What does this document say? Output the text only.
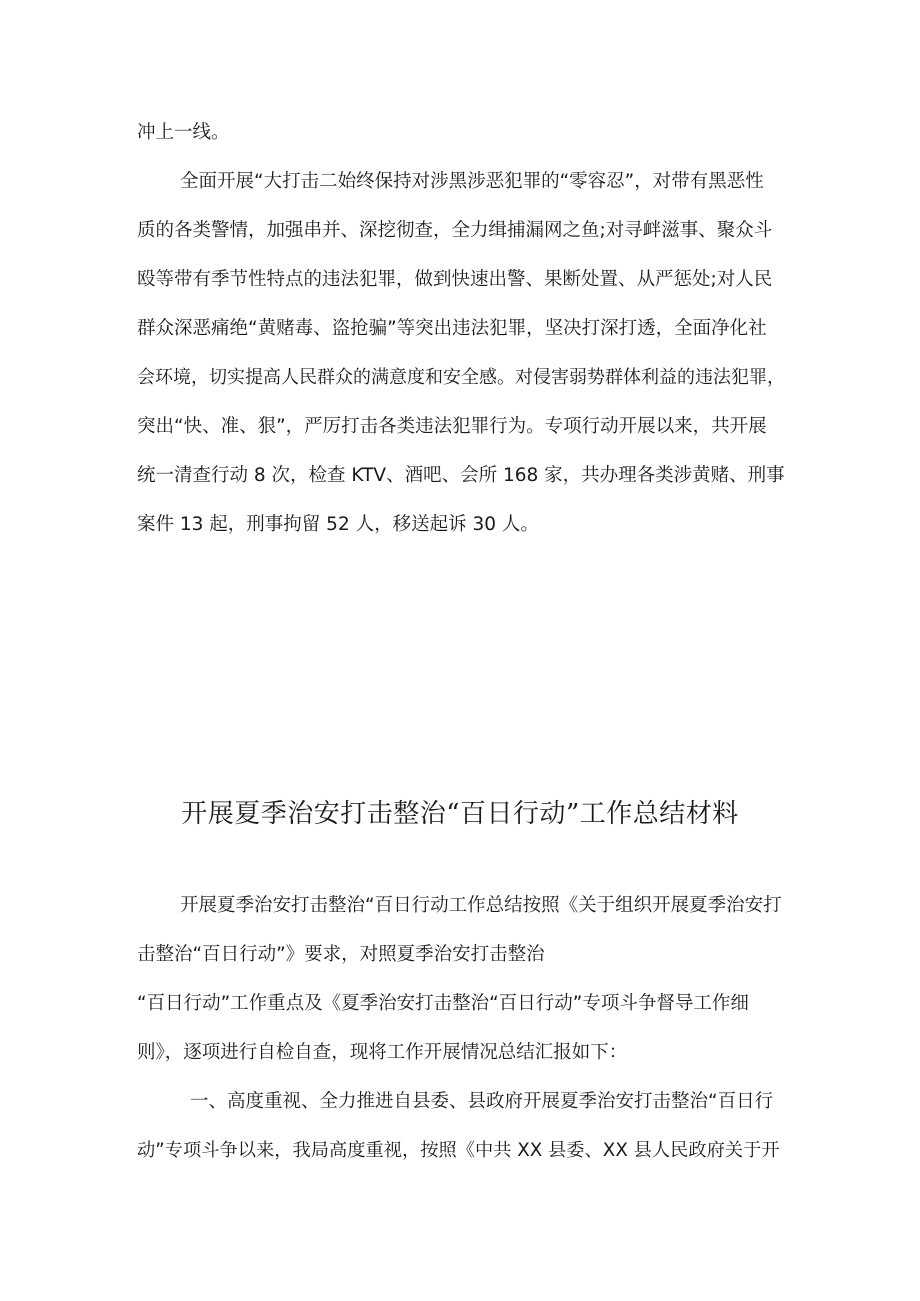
冲上一线。
全面开展“大打击二始终保持对涉黑涉恶犯罪的“零容忍”，对带有黑恶性
质的各类警情，加强串并、深挖彻查，全力缉捕漏网之鱼;对寻衅滋事、聚众斗
殴等带有季节性特点的违法犯罪，做到快速出警、果断处置、从严惩处;对人民
群众深恶痛绝“黄赌毒、盗抢骗”等突出违法犯罪，坚决打深打透，全面净化社
会环境，切实提高人民群众的满意度和安全感。对侵害弱势群体利益的违法犯罪，
突出“快、准、狠”，严厉打击各类违法犯罪行为。专项行动开展以来，共开展
统一清查行动 8 次，检查 KTV、酒吧、会所 168 家，共办理各类涉黄赌、刑事
案件 13 起，刑事拘留 52 人，移送起诉 30 人。
开展夏季治安打击整治“百日行动”工作总结材料
开展夏季治安打击整治“百日行动工作总结按照《关于组织开展夏季治安打
击整治“百日行动”》要求，对照夏季治安打击整治
“百日行动”工作重点及《夏季治安打击整治“百日行动”专项斗争督导工作细
则》，逐项进行自检自查，现将工作开展情况总结汇报如下：
一、高度重视、全力推进自县委、县政府开展夏季治安打击整治“百日行
动”专项斗争以来，我局高度重视，按照《中共 XX 县委、XX 县人民政府关于开
